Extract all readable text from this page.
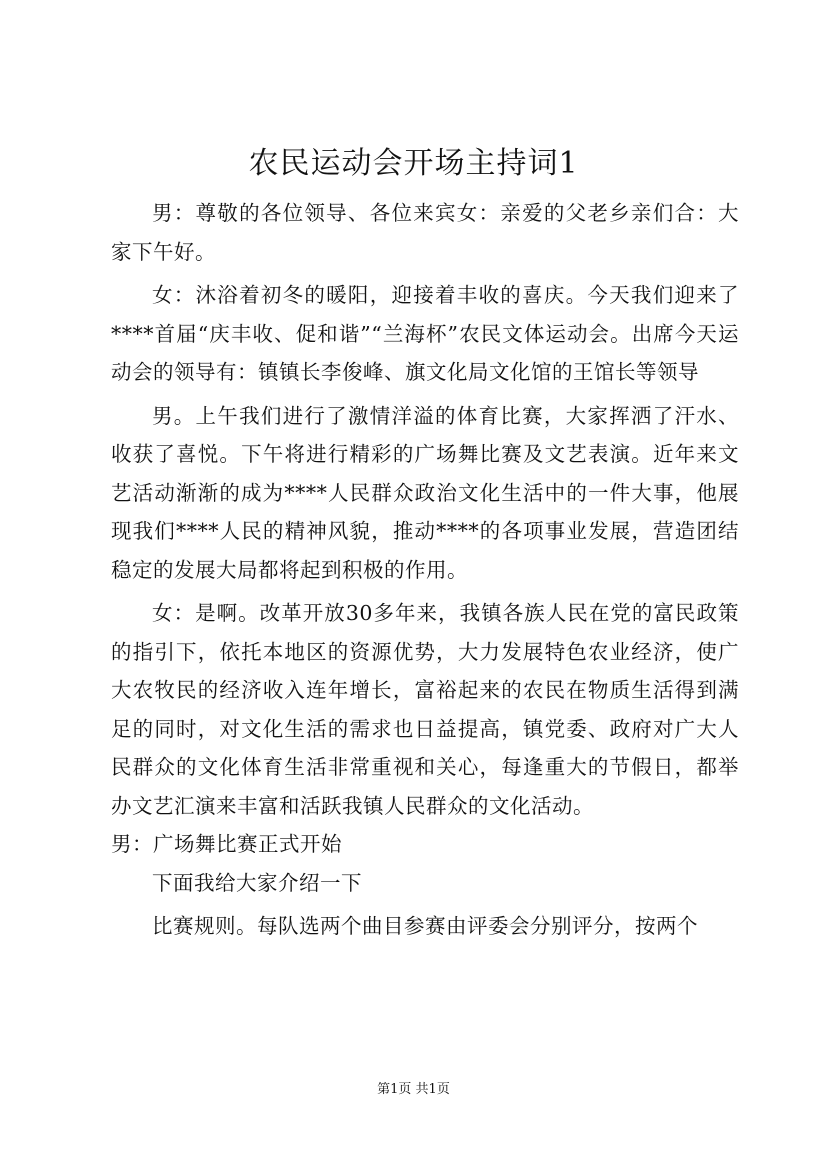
农民运动会开场主持词1

男：尊敬的各位领导、各位来宾女：亲爱的父老乡亲们合：大家下午好。

女：沐浴着初冬的暖阳，迎接着丰收的喜庆。今天我们迎来了****首届“庆丰收、促和谐”“兰海杯”农民文体运动会。出席今天运动会的领导有：镇镇长李俊峰、旗文化局文化馆的王馆长等领导

男。上午我们进行了激情洋溢的体育比赛，大家挥洒了汗水、收获了喜悦。下午将进行精彩的广场舞比赛及文艺表演。近年来文艺活动渐渐的成为****人民群众政治文化生活中的一件大事，他展现我们****人民的精神风貌，推动****的各项事业发展，营造团结稳定的发展大局都将起到积极的作用。

女：是啊。改革开放30多年来，我镇各族人民在党的富民政策的指引下，依托本地区的资源优势，大力发展特色农业经济，使广大农牧民的经济收入连年增长，富裕起来的农民在物质生活得到满足的同时，对文化生活的需求也日益提高，镇党委、政府对广大人民群众的文化体育生活非常重视和关心，每逢重大的节假日，都举办文艺汇演来丰富和活跃我镇人民群众的文化活动。

男：广场舞比赛正式开始

下面我给大家介绍一下

比赛规则。每队选两个曲目参赛由评委会分别评分，按两个

第1页 共1页
